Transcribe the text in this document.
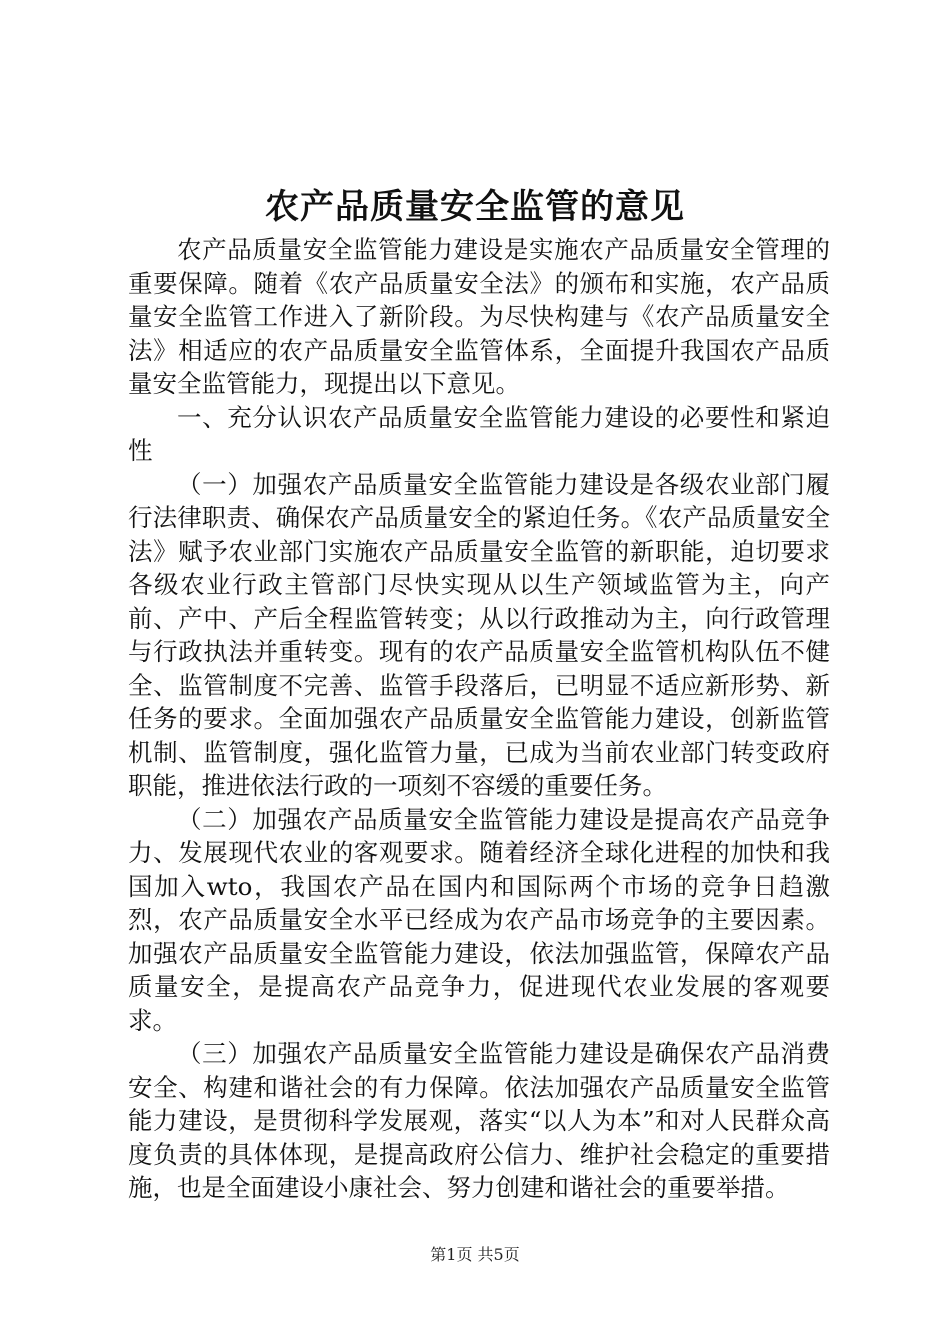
农产品质量安全监管的意见

农产品质量安全监管能力建设是实施农产品质量安全管理的重要保障。随着《农产品质量安全法》的颁布和实施，农产品质量安全监管工作进入了新阶段。为尽快构建与《农产品质量安全法》相适应的农产品质量安全监管体系，全面提升我国农产品质量安全监管能力，现提出以下意见。

一、充分认识农产品质量安全监管能力建设的必要性和紧迫性

（一）加强农产品质量安全监管能力建设是各级农业部门履行法律职责、确保农产品质量安全的紧迫任务。《农产品质量安全法》赋予农业部门实施农产品质量安全监管的新职能，迫切要求各级农业行政主管部门尽快实现从以生产领域监管为主，向产前、产中、产后全程监管转变；从以行政推动为主，向行政管理与行政执法并重转变。现有的农产品质量安全监管机构队伍不健全、监管制度不完善、监管手段落后，已明显不适应新形势、新任务的要求。全面加强农产品质量安全监管能力建设，创新监管机制、监管制度，强化监管力量，已成为当前农业部门转变政府职能，推进依法行政的一项刻不容缓的重要任务。

（二）加强农产品质量安全监管能力建设是提高农产品竞争力、发展现代农业的客观要求。随着经济全球化进程的加快和我国加入wto，我国农产品在国内和国际两个市场的竞争日趋激烈，农产品质量安全水平已经成为农产品市场竞争的主要因素。加强农产品质量安全监管能力建设，依法加强监管，保障农产品质量安全，是提高农产品竞争力，促进现代农业发展的客观要求。

（三）加强农产品质量安全监管能力建设是确保农产品消费安全、构建和谐社会的有力保障。依法加强农产品质量安全监管能力建设，是贯彻科学发展观，落实“以人为本”和对人民群众高度负责的具体体现，是提高政府公信力、维护社会稳定的重要措施，也是全面建设小康社会、努力创建和谐社会的重要举措。

第1页 共5页
